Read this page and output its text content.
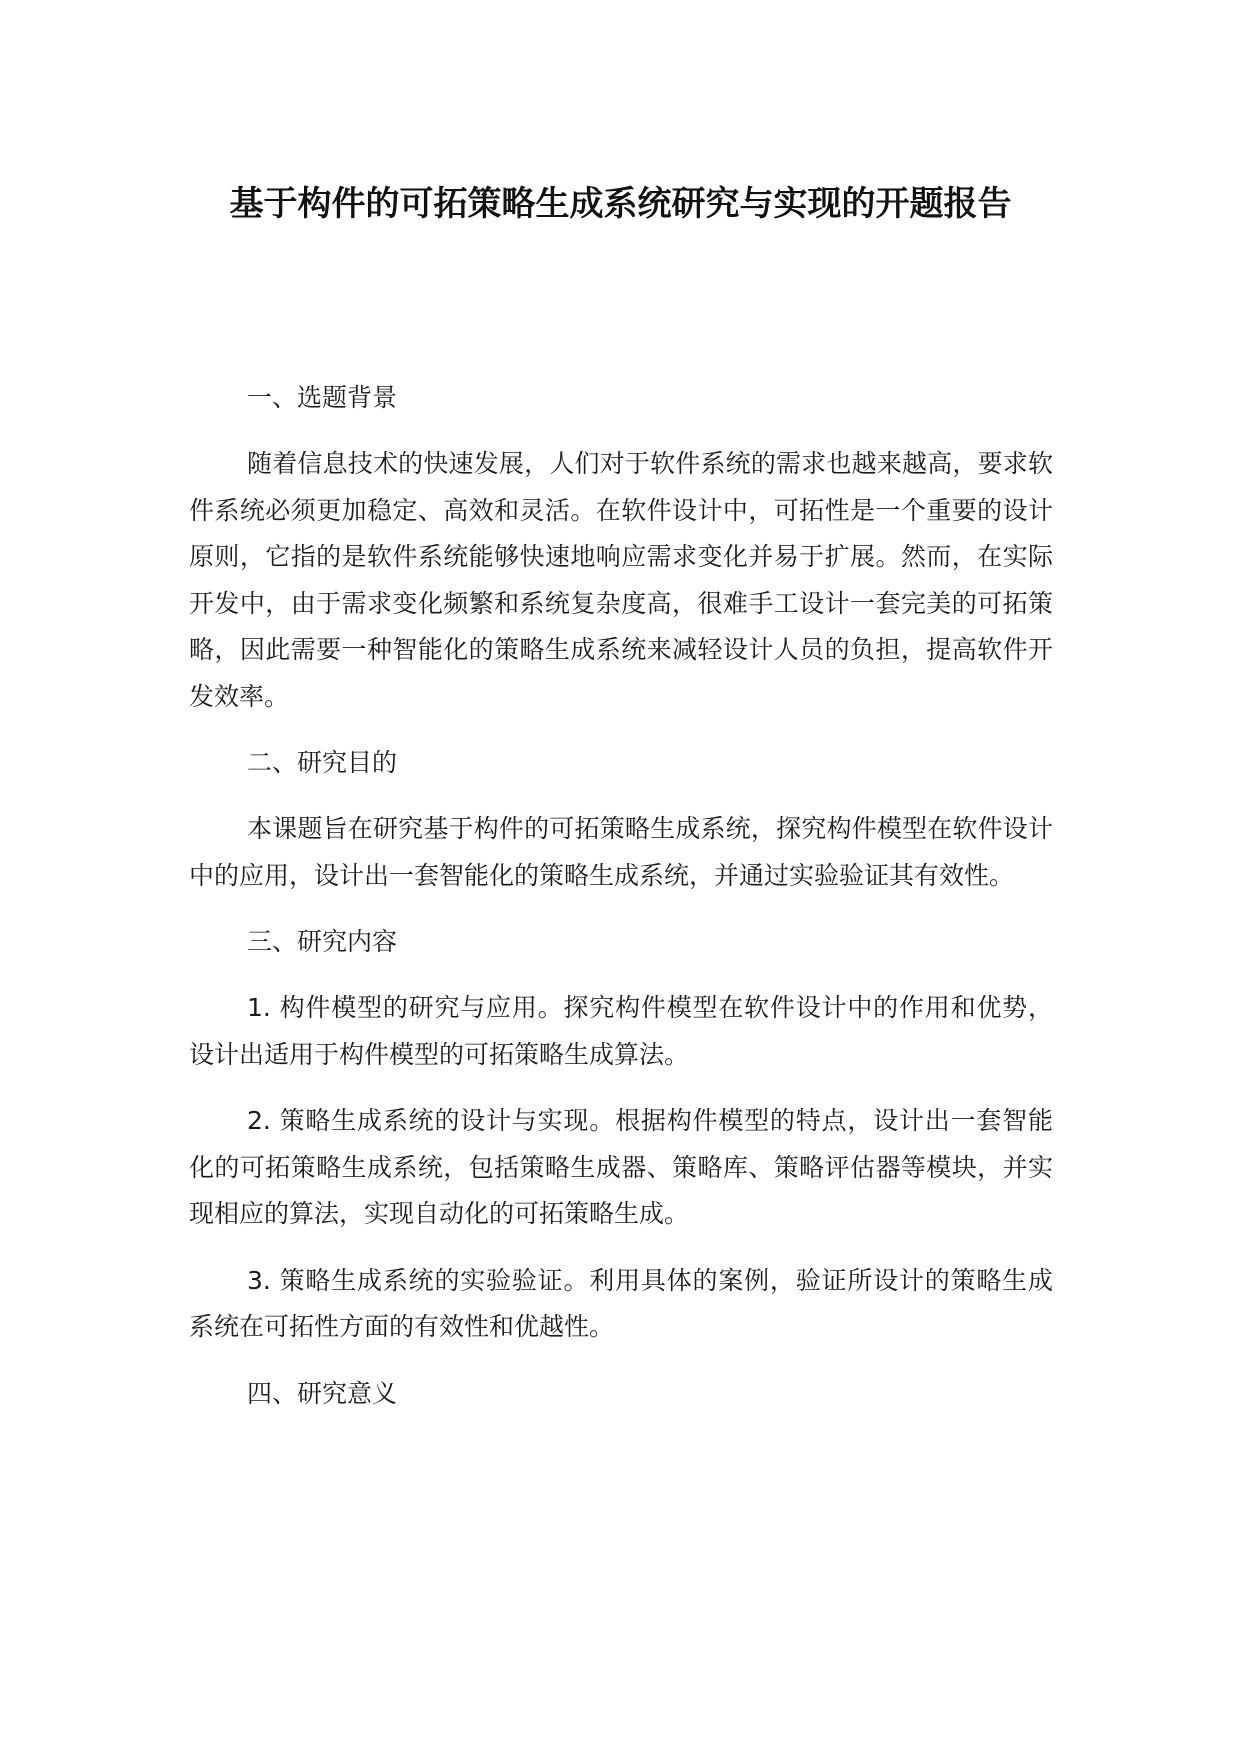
基于构件的可拓策略生成系统研究与实现的开题报告

一、选题背景

随着信息技术的快速发展，人们对于软件系统的需求也越来越高，要求软件系统必须更加稳定、高效和灵活。在软件设计中，可拓性是一个重要的设计原则，它指的是软件系统能够快速地响应需求变化并易于扩展。然而，在实际开发中，由于需求变化频繁和系统复杂度高，很难手工设计一套完美的可拓策略，因此需要一种智能化的策略生成系统来减轻设计人员的负担，提高软件开发效率。

二、研究目的

本课题旨在研究基于构件的可拓策略生成系统，探究构件模型在软件设计中的应用，设计出一套智能化的策略生成系统，并通过实验验证其有效性。

三、研究内容

1. 构件模型的研究与应用。探究构件模型在软件设计中的作用和优势，设计出适用于构件模型的可拓策略生成算法。

2. 策略生成系统的设计与实现。根据构件模型的特点，设计出一套智能化的可拓策略生成系统，包括策略生成器、策略库、策略评估器等模块，并实现相应的算法，实现自动化的可拓策略生成。

3. 策略生成系统的实验验证。利用具体的案例，验证所设计的策略生成系统在可拓性方面的有效性和优越性。

四、研究意义
